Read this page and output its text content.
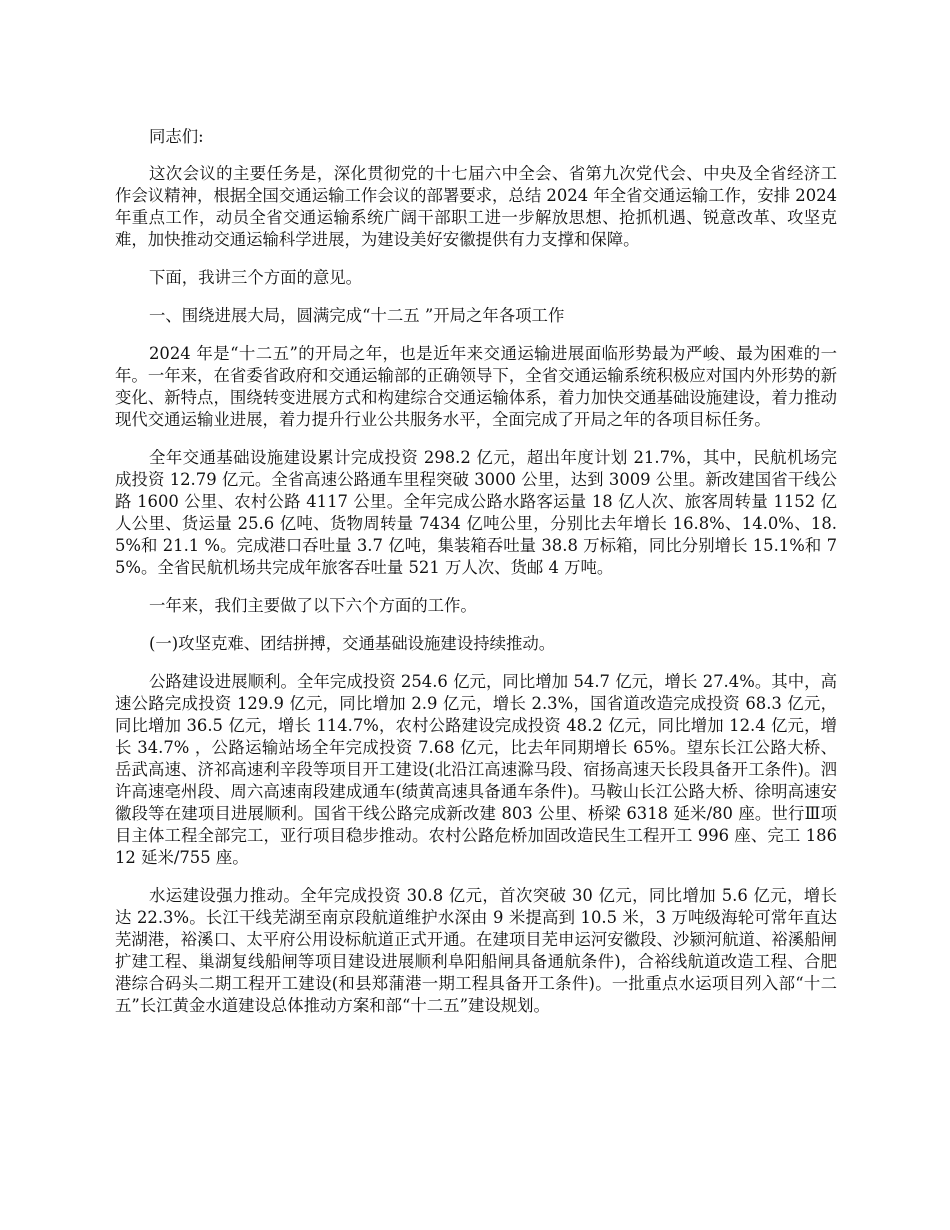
同志们:

这次会议的主要任务是，深化贯彻党的十七届六中全会、省第九次党代会、中央及全省经济工作会议精神，根据全国交通运输工作会议的部署要求，总结 2024 年全省交通运输工作，安排 2024 年重点工作，动员全省交通运输系统广阔干部职工进一步解放思想、抢抓机遇、锐意改革、攻坚克难，加快推动交通运输科学进展，为建设美好安徽提供有力支撑和保障。

下面，我讲三个方面的意见。

一、围绕进展大局，圆满完成“十二五 ”开局之年各项工作

2024 年是“十二五”的开局之年，也是近年来交通运输进展面临形势最为严峻、最为困难的一年。一年来，在省委省政府和交通运输部的正确领导下，全省交通运输系统积极应对国内外形势的新变化、新特点，围绕转变进展方式和构建综合交通运输体系，着力加快交通基础设施建设，着力推动现代交通运输业进展，着力提升行业公共服务水平，全面完成了开局之年的各项目标任务。

全年交通基础设施建设累计完成投资 298.2 亿元，超出年度计划 21.7%，其中，民航机场完成投资 12.79 亿元。全省高速公路通车里程突破 3000 公里，达到 3009 公里。新改建国省干线公路 1600 公里、农村公路 4117 公里。全年完成公路水路客运量 18 亿人次、旅客周转量 1152 亿人公里、货运量 25.6 亿吨、货物周转量 7434 亿吨公里，分别比去年增长 16.8%、14.0%、18.5%和 21.1 %。完成港口吞吐量 3.7 亿吨，集装箱吞吐量 38.8 万标箱，同比分别增长 15.1%和 75%。全省民航机场共完成年旅客吞吐量 521 万人次、货邮 4 万吨。

一年来，我们主要做了以下六个方面的工作。

(一)攻坚克难、团结拼搏，交通基础设施建设持续推动。

公路建设进展顺利。全年完成投资 254.6 亿元，同比增加 54.7 亿元，增长 27.4%。其中，高速公路完成投资 129.9 亿元，同比增加 2.9 亿元，增长 2.3%，国省道改造完成投资 68.3 亿元，同比增加 36.5 亿元，增长 114.7%，农村公路建设完成投资 48.2 亿元，同比增加 12.4 亿元，增长 34.7% ，公路运输站场全年完成投资 7.68 亿元，比去年同期增长 65%。望东长江公路大桥、岳武高速、济祁高速利辛段等项目开工建设(北沿江高速滁马段、宿扬高速天长段具备开工条件)。泗许高速亳州段、周六高速南段建成通车(绩黄高速具备通车条件)。马鞍山长江公路大桥、徐明高速安徽段等在建项目进展顺利。国省干线公路完成新改建 803 公里、桥梁 6318 延米/80 座。世行Ⅲ项目主体工程全部完工，亚行项目稳步推动。农村公路危桥加固改造民生工程开工 996 座、完工 18612 延米/755 座。

水运建设强力推动。全年完成投资 30.8 亿元，首次突破 30 亿元，同比增加 5.6 亿元，增长达 22.3%。长江干线芜湖至南京段航道维护水深由 9 米提高到 10.5 米，3 万吨级海轮可常年直达芜湖港，裕溪口、太平府公用设标航道正式开通。在建项目芜申运河安徽段、沙颍河航道、裕溪船闸扩建工程、巢湖复线船闸等项目建设进展顺利阜阳船闸具备通航条件)，合裕线航道改造工程、合肥港综合码头二期工程开工建设(和县郑蒲港一期工程具备开工条件)。一批重点水运项目列入部“十二五”长江黄金水道建设总体推动方案和部“十二五”建设规划。
